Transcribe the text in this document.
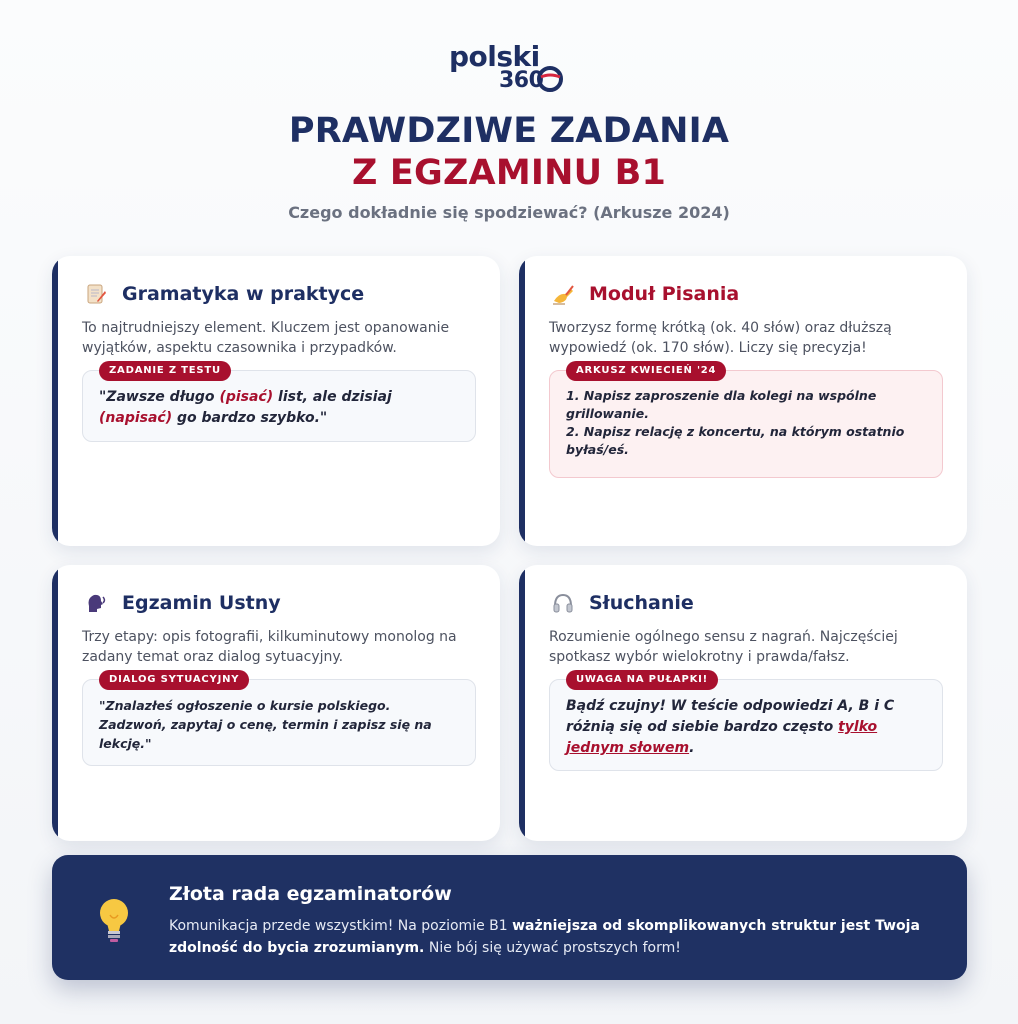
polski
360
PRAWDZIWE ZADANIA
Z EGZAMINU B1
Czego dokładnie się spodziewać? (Arkusze 2024)
Gramatyka w praktyce
To najtrudniejszy element. Kluczem jest opanowanie wyjątków, aspektu czasownika i przypadków.
ZADANIE Z TESTU
"Zawsze długo (pisać) list, ale dzisiaj (napisać) go bardzo szybko."
Moduł Pisania
Tworzysz formę krótką (ok. 40 słów) oraz dłuższą wypowiedź (ok. 170 słów). Liczy się precyzja!
ARKUSZ KWIECIEŃ '24
1. Napisz zaproszenie dla kolegi na wspólne grillowanie.
2. Napisz relację z koncertu, na którym ostatnio byłaś/eś.
Egzamin Ustny
Trzy etapy: opis fotografii, kilkuminutowy monolog na zadany temat oraz dialog sytuacyjny.
DIALOG SYTUACYJNY
"Znalazłeś ogłoszenie o kursie polskiego. Zadzwoń, zapytaj o cenę, termin i zapisz się na lekcję."
Słuchanie
Rozumienie ogólnego sensu z nagrań. Najczęściej spotkasz wybór wielokrotny i prawda/fałsz.
UWAGA NA PUŁAPKI!
Bądź czujny! W teście odpowiedzi A, B i C różnią się od siebie bardzo często tylko jednym słowem.
Złota rada egzaminatorów
Komunikacja przede wszystkim! Na poziomie B1 ważniejsza od skomplikowanych struktur jest Twoja zdolność do bycia zrozumianym. Nie bój się używać prostszych form!
